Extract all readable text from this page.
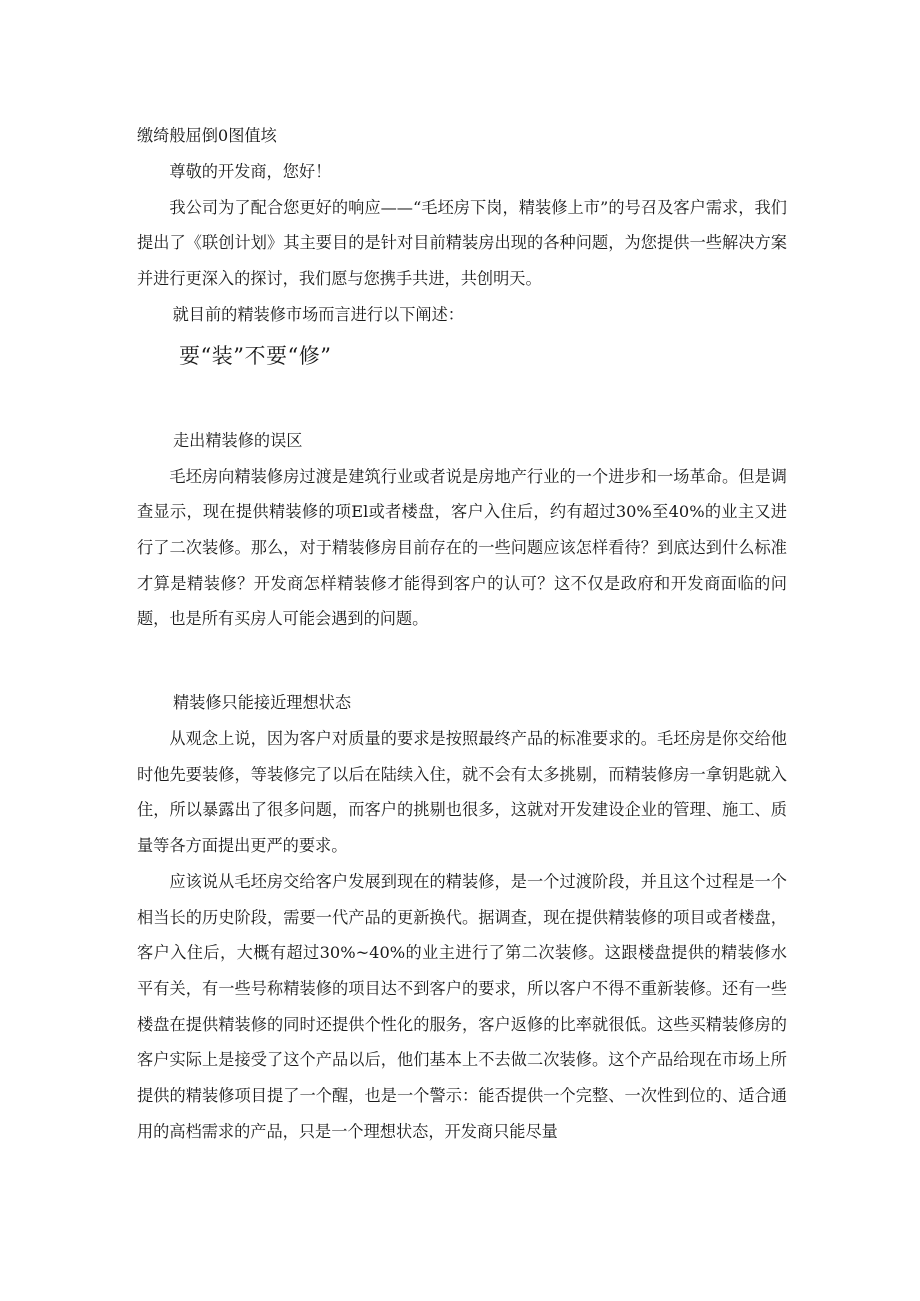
缴绮般屈倒0图值垓

尊敬的开发商，您好！

我公司为了配合您更好的响应——“毛坯房下岗，精装修上市”的号召及客户需求，我们提出了《联创计划》其主要目的是针对目前精装房出现的各种问题，为您提供一些解决方案并进行更深入的探讨，我们愿与您携手共进，共创明天。

就目前的精装修市场而言进行以下阐述：

要“装”不要“修”

走出精装修的误区

毛坯房向精装修房过渡是建筑行业或者说是房地产行业的一个进步和一场革命。但是调查显示，现在提供精装修的项El或者楼盘，客户入住后，约有超过30%至40%的业主又进行了二次装修。那么，对于精装修房目前存在的一些问题应该怎样看待？到底达到什么标准才算是精装修？开发商怎样精装修才能得到客户的认可？这不仅是政府和开发商面临的问题，也是所有买房人可能会遇到的问题。

精装修只能接近理想状态

从观念上说，因为客户对质量的要求是按照最终产品的标准要求的。毛坯房是你交给他时他先要装修，等装修完了以后在陆续入住，就不会有太多挑剔，而精装修房一拿钥匙就入住，所以暴露出了很多问题，而客户的挑剔也很多，这就对开发建设企业的管理、施工、质量等各方面提出更严的要求。

应该说从毛坯房交给客户发展到现在的精装修，是一个过渡阶段，并且这个过程是一个相当长的历史阶段，需要一代产品的更新换代。据调查，现在提供精装修的项目或者楼盘，客户入住后，大概有超过30%~40%的业主进行了第二次装修。这跟楼盘提供的精装修水平有关，有一些号称精装修的项目达不到客户的要求，所以客户不得不重新装修。还有一些楼盘在提供精装修的同时还提供个性化的服务，客户返修的比率就很低。这些买精装修房的客户实际上是接受了这个产品以后，他们基本上不去做二次装修。这个产品给现在市场上所提供的精装修项目提了一个醒，也是一个警示：能否提供一个完整、一次性到位的、适合通用的高档需求的产品，只是一个理想状态，开发商只能尽量
